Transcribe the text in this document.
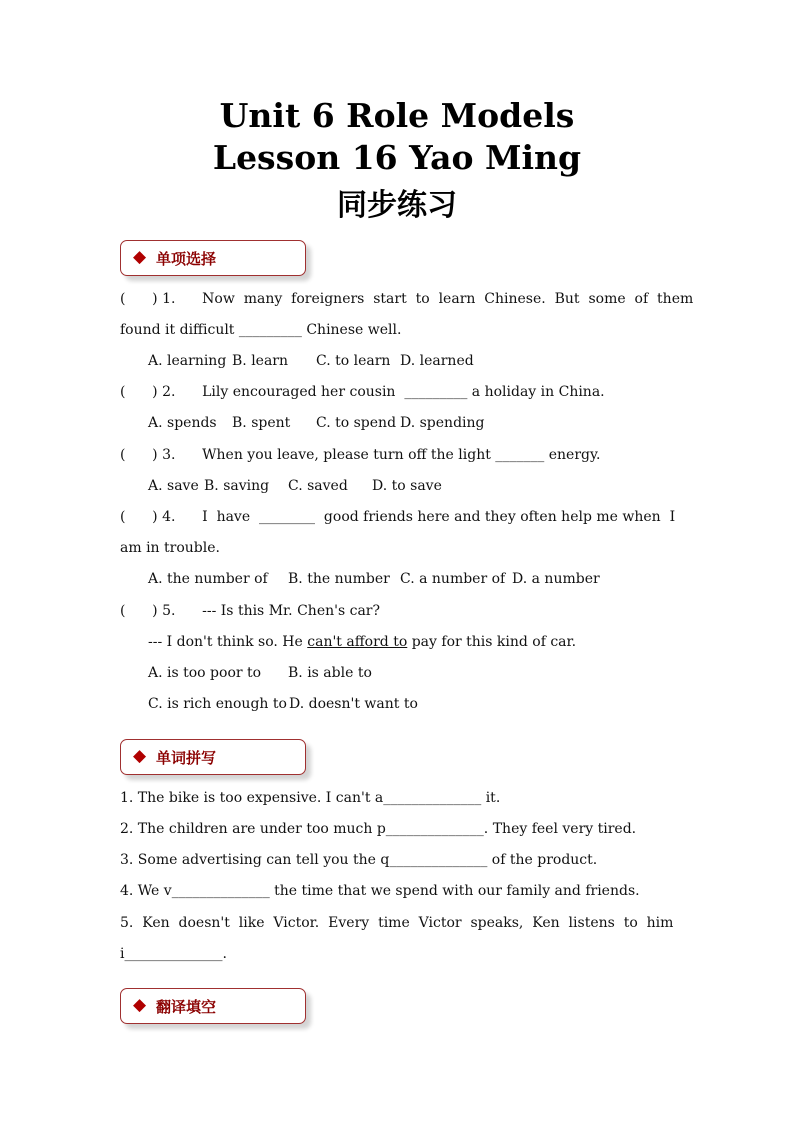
Unit 6 Role Models
Lesson 16 Yao Ming
同步练习
◆ 单项选择
(      ) 1.      Now  many  foreigners  start  to  learn  Chinese.  But  some  of  them
found it difficult _________ Chinese well.
A. learning B. learn C. to learn D. learned
(      ) 2.      Lily encouraged her cousin  _________ a holiday in China.
A. spends B. spent C. to spend D. spending
(      ) 3.      When you leave, please turn off the light _______ energy.
A. save B. saving C. saved D. to save
(      ) 4.      I  have  ________  good friends here and they often help me when  I
am in trouble.
A. the number of B. the number C. a number of D. a number
(      ) 5.      --- Is this Mr. Chen's car?
--- I don't think so. He can't afford to pay for this kind of car.
A. is too poor to B. is able to
C. is rich enough to D. doesn't want to
◆ 单词拼写
1. The bike is too expensive. I can't a______________ it.
2. The children are under too much p______________. They feel very tired.
3. Some advertising can tell you the q______________ of the product.
4. We v______________ the time that we spend with our family and friends.
5.  Ken  doesn't  like  Victor.  Every  time  Victor  speaks,  Ken  listens  to  him
i______________.
◆ 翻译填空
